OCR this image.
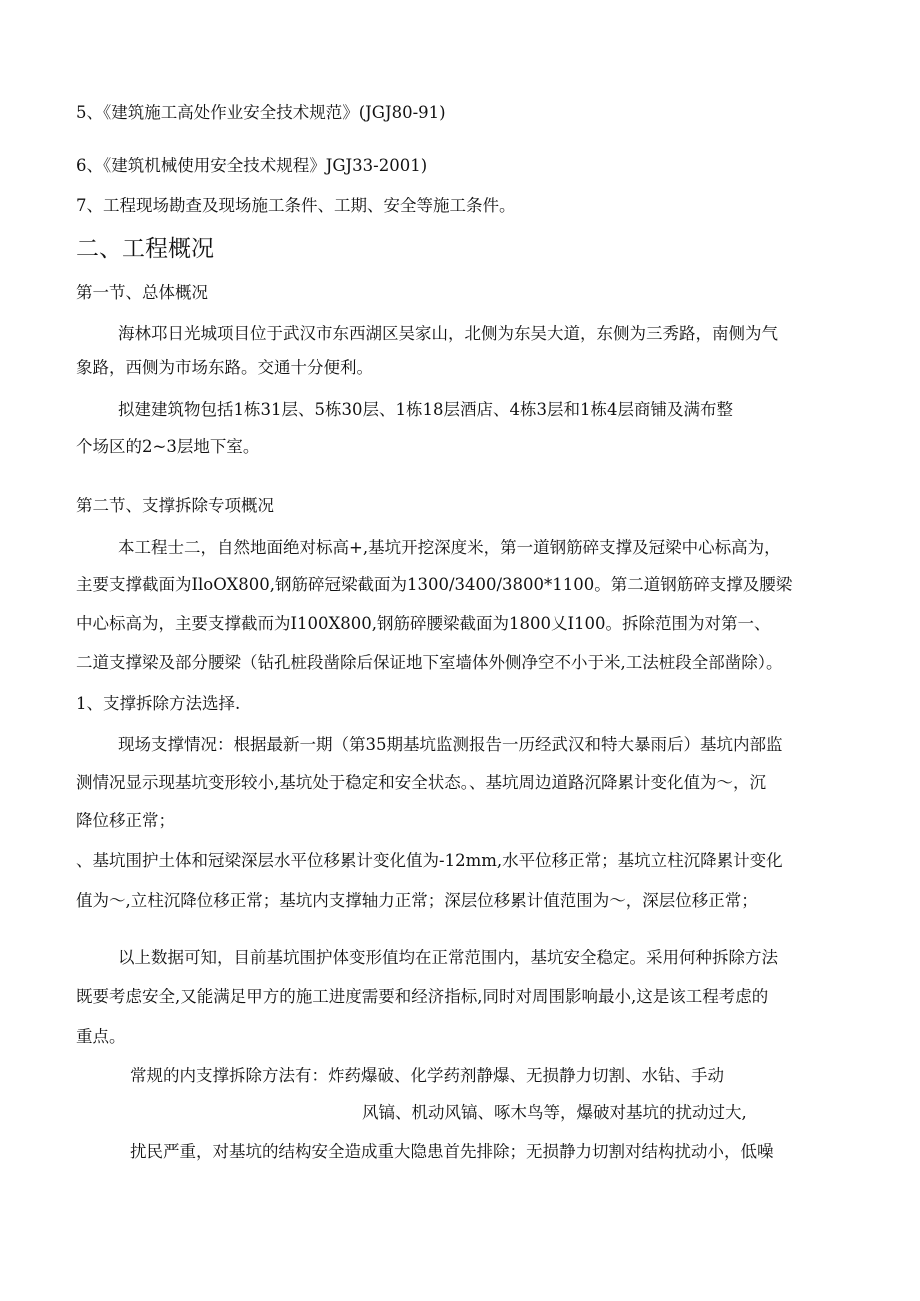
5、《建筑施工高处作业安全技术规范》(JGJ80-91)
6、《建筑机械使用安全技术规程》JGJ33-2001)
7、工程现场勘查及现场施工条件、工期、安全等施工条件。
二、工程概况
第一节、总体概况
海林邛日光城项目位于武汉市东西湖区吴家山，北侧为东吴大道，东侧为三秀路，南侧为气
象路，西侧为市场东路。交通十分便利。
拟建建筑物包括1栋31层、5栋30层、1栋18层酒店、4栋3层和1栋4层商铺及满布整
个场区的2~3层地下室。
第二节、支撑拆除专项概况
本工程士二，自然地面绝对标高+,基坑开挖深度米，第一道钢筋碎支撑及冠梁中心标高为，
主要支撑截面为IloOX800,钢筋碎冠梁截面为1300/3400/3800*1100。第二道钢筋碎支撑及腰梁
中心标高为，主要支撑截而为I100X800,钢筋碎腰梁截面为1800乂I100。拆除范围为对第一、
二道支撑梁及部分腰梁（钻孔桩段凿除后保证地下室墙体外侧净空不小于米,工法桩段全部凿除）。
1、支撑拆除方法选择.
现场支撑情况：根据最新一期（第35期基坑监测报告一历经武汉和特大暴雨后）基坑内部监
测情况显示现基坑变形较小,基坑处于稳定和安全状态。、基坑周边道路沉降累计变化值为～，沉
降位移正常；
、基坑围护土体和冠梁深层水平位移累计变化值为-12mm,水平位移正常；基坑立柱沉降累计变化
值为～,立柱沉降位移正常；基坑内支撑轴力正常；深层位移累计值范围为～，深层位移正常；
以上数据可知，目前基坑围护体变形值均在正常范围内，基坑安全稳定。采用何种拆除方法
既要考虑安全,又能满足甲方的施工进度需要和经济指标,同时对周围影响最小,这是该工程考虑的
重点。
常规的内支撑拆除方法有：炸药爆破、化学药剂静爆、无损静力切割、水钻、手动
风镐、机动风镐、啄木鸟等，爆破对基坑的扰动过大,
扰民严重，对基坑的结构安全造成重大隐患首先排除；无损静力切割对结构扰动小，低噪
